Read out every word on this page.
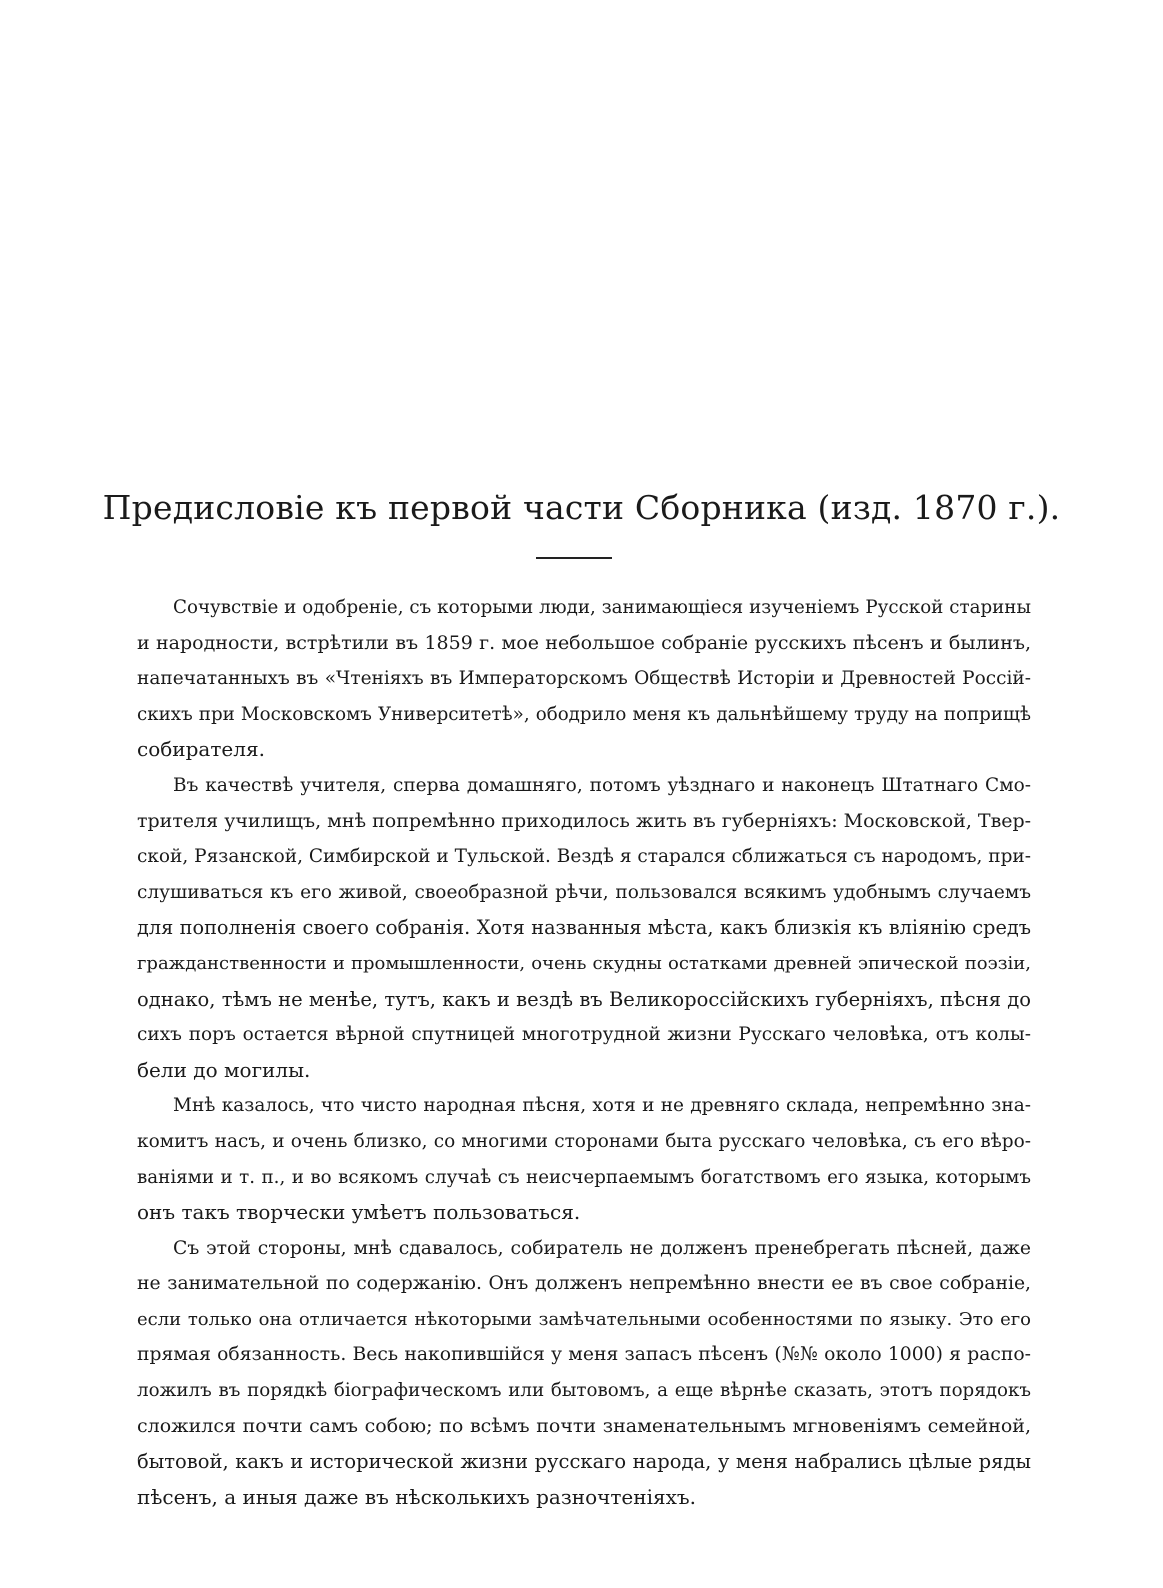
Предисловіе къ первой части Сборника (изд. 1870 г.).
Сочувствіе и одобреніе, съ которыми люди, занимающіеся изученіемъ Русской старины
и народности, встрѣтили въ 1859 г. мое небольшое собраніе русскихъ пѣсенъ и былинъ,
напечатанныхъ въ «Чтеніяхъ въ Императорскомъ Обществѣ Исторіи и Древностей Россій-
скихъ при Московскомъ Университетѣ», ободрило меня къ дальнѣйшему труду на поприщѣ
собирателя.
Въ качествѣ учителя, сперва домашняго, потомъ уѣзднаго и наконецъ Штатнаго Смо-
трителя училищъ, мнѣ попремѣнно приходилось жить въ губерніяхъ: Московской, Твер-
ской, Рязанской, Симбирской и Тульской. Вездѣ я старался сближаться съ народомъ, при-
слушиваться къ его живой, своеобразной рѣчи, пользовался всякимъ удобнымъ случаемъ
для пополненія своего собранія. Хотя названныя мѣста, какъ близкія къ вліянію средъ
гражданственности и промышленности, очень скудны остатками древней эпической поэзіи,
однако, тѣмъ не менѣе, тутъ, какъ и вездѣ въ Великороссійскихъ губерніяхъ, пѣсня до
сихъ поръ остается вѣрной спутницей многотрудной жизни Русскаго человѣка, отъ колы-
бели до могилы.
Мнѣ казалось, что чисто народная пѣсня, хотя и не древняго склада, непремѣнно зна-
комитъ насъ, и очень близко, со многими сторонами быта русскаго человѣка, съ его вѣро-
ваніями и т. п., и во всякомъ случаѣ съ неисчерпаемымъ богатствомъ его языка, которымъ
онъ такъ творчески умѣетъ пользоваться.
Съ этой стороны, мнѣ сдавалось, собиратель не долженъ пренебрегать пѣсней, даже
не занимательной по содержанію. Онъ долженъ непремѣнно внести ее въ свое собраніе,
если только она отличается нѣкоторыми замѣчательными особенностями по языку. Это его
прямая обязанность. Весь накопившійся у меня запасъ пѣсенъ (№№ около 1000) я распо-
ложилъ въ порядкѣ біографическомъ или бытовомъ, а еще вѣрнѣе сказать, этотъ порядокъ
сложился почти самъ собою; по всѣмъ почти знаменательнымъ мгновеніямъ семейной,
бытовой, какъ и исторической жизни русскаго народа, у меня набрались цѣлые ряды
пѣсенъ, а иныя даже въ нѣсколькихъ разночтеніяхъ.
